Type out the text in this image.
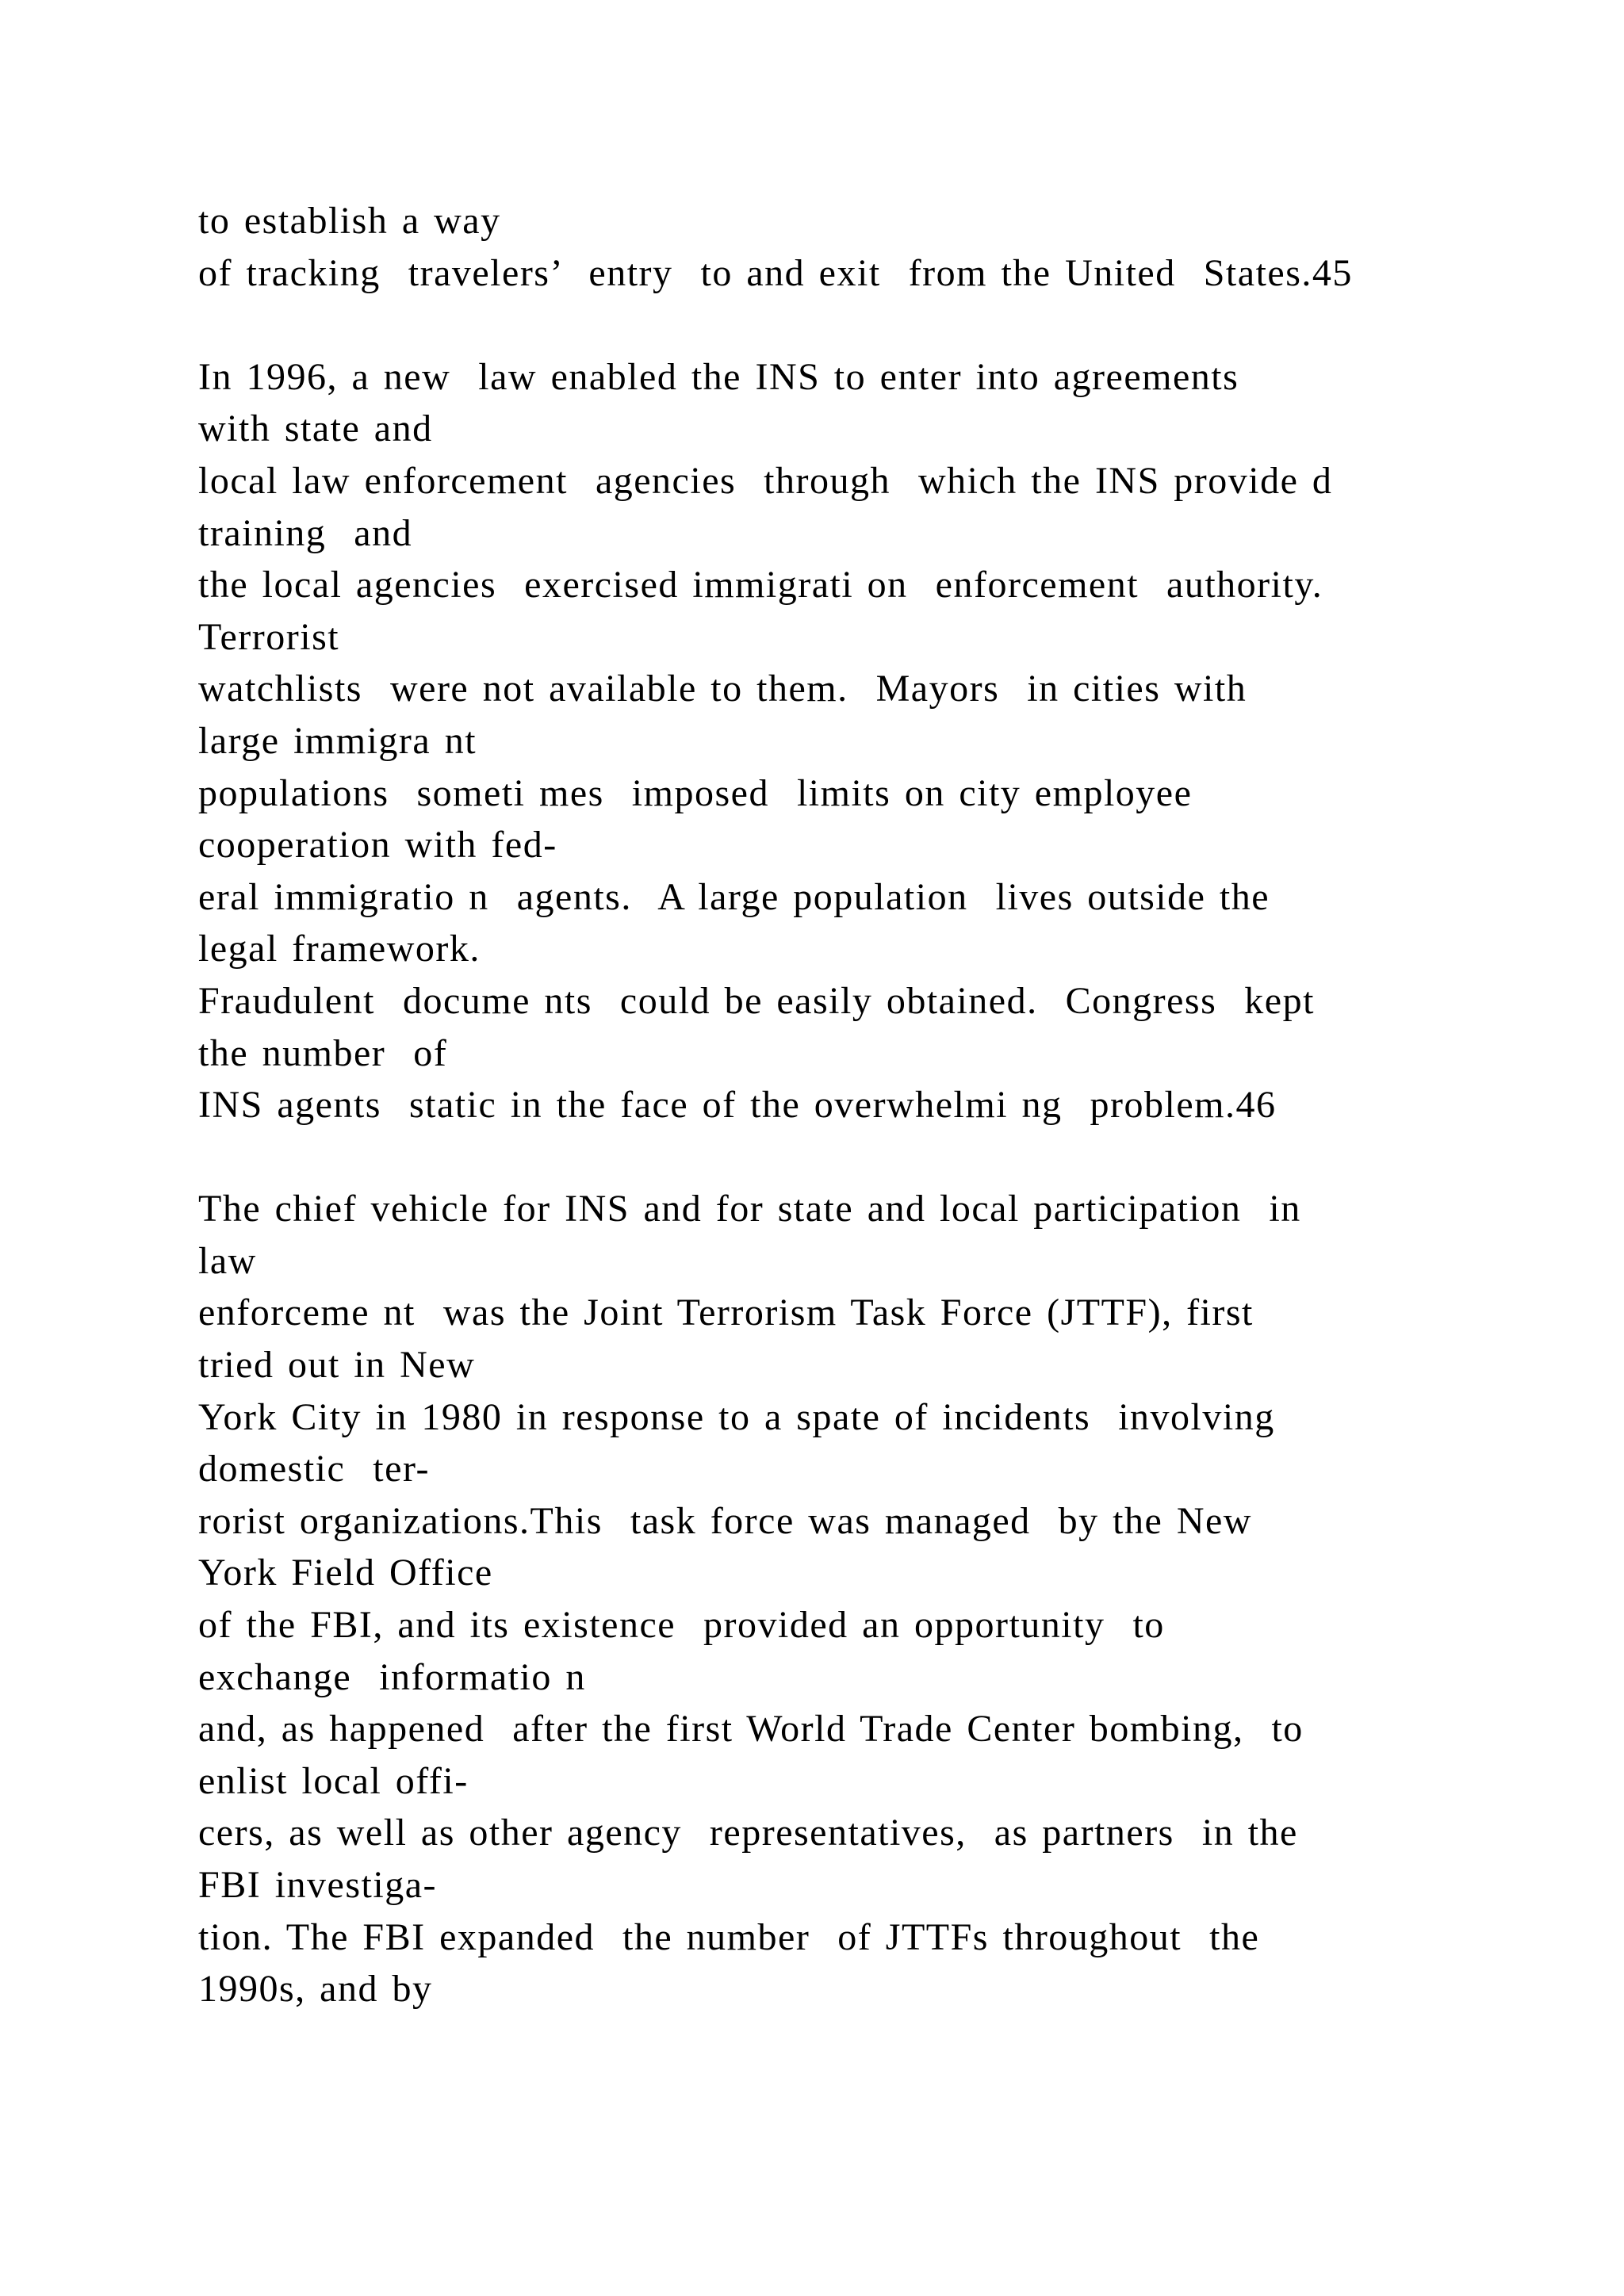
to establish a way
of tracking  travelers’  entry  to and exit  from the United  States.45
In 1996, a new  law enabled the INS to enter into agreements
with state and
local law enforcement  agencies  through  which the INS provide d
training  and
the local agencies  exercised immigrati on  enforcement  authority.
Terrorist
watchlists  were not available to them.  Mayors  in cities with
large immigra nt
populations  someti mes  imposed  limits on city employee
cooperation with fed-
eral immigratio n  agents.  A large population  lives outside the
legal framework.
Fraudulent  docume nts  could be easily obtained.  Congress  kept
the number  of
INS agents  static in the face of the overwhelmi ng  problem.46
The chief vehicle for INS and for state and local participation  in
law
enforceme nt  was the Joint Terrorism Task Force (JTTF), first
tried out in New
York City in 1980 in response to a spate of incidents  involving
domestic  ter-
rorist organizations.This  task force was managed  by the New
York Field Office
of the FBI, and its existence  provided an opportunity  to
exchange  informatio n
and, as happened  after the first World Trade Center bombing,  to
enlist local offi-
cers, as well as other agency  representatives,  as partners  in the
FBI investiga-
tion. The FBI expanded  the number  of JTTFs throughout  the
1990s, and by
